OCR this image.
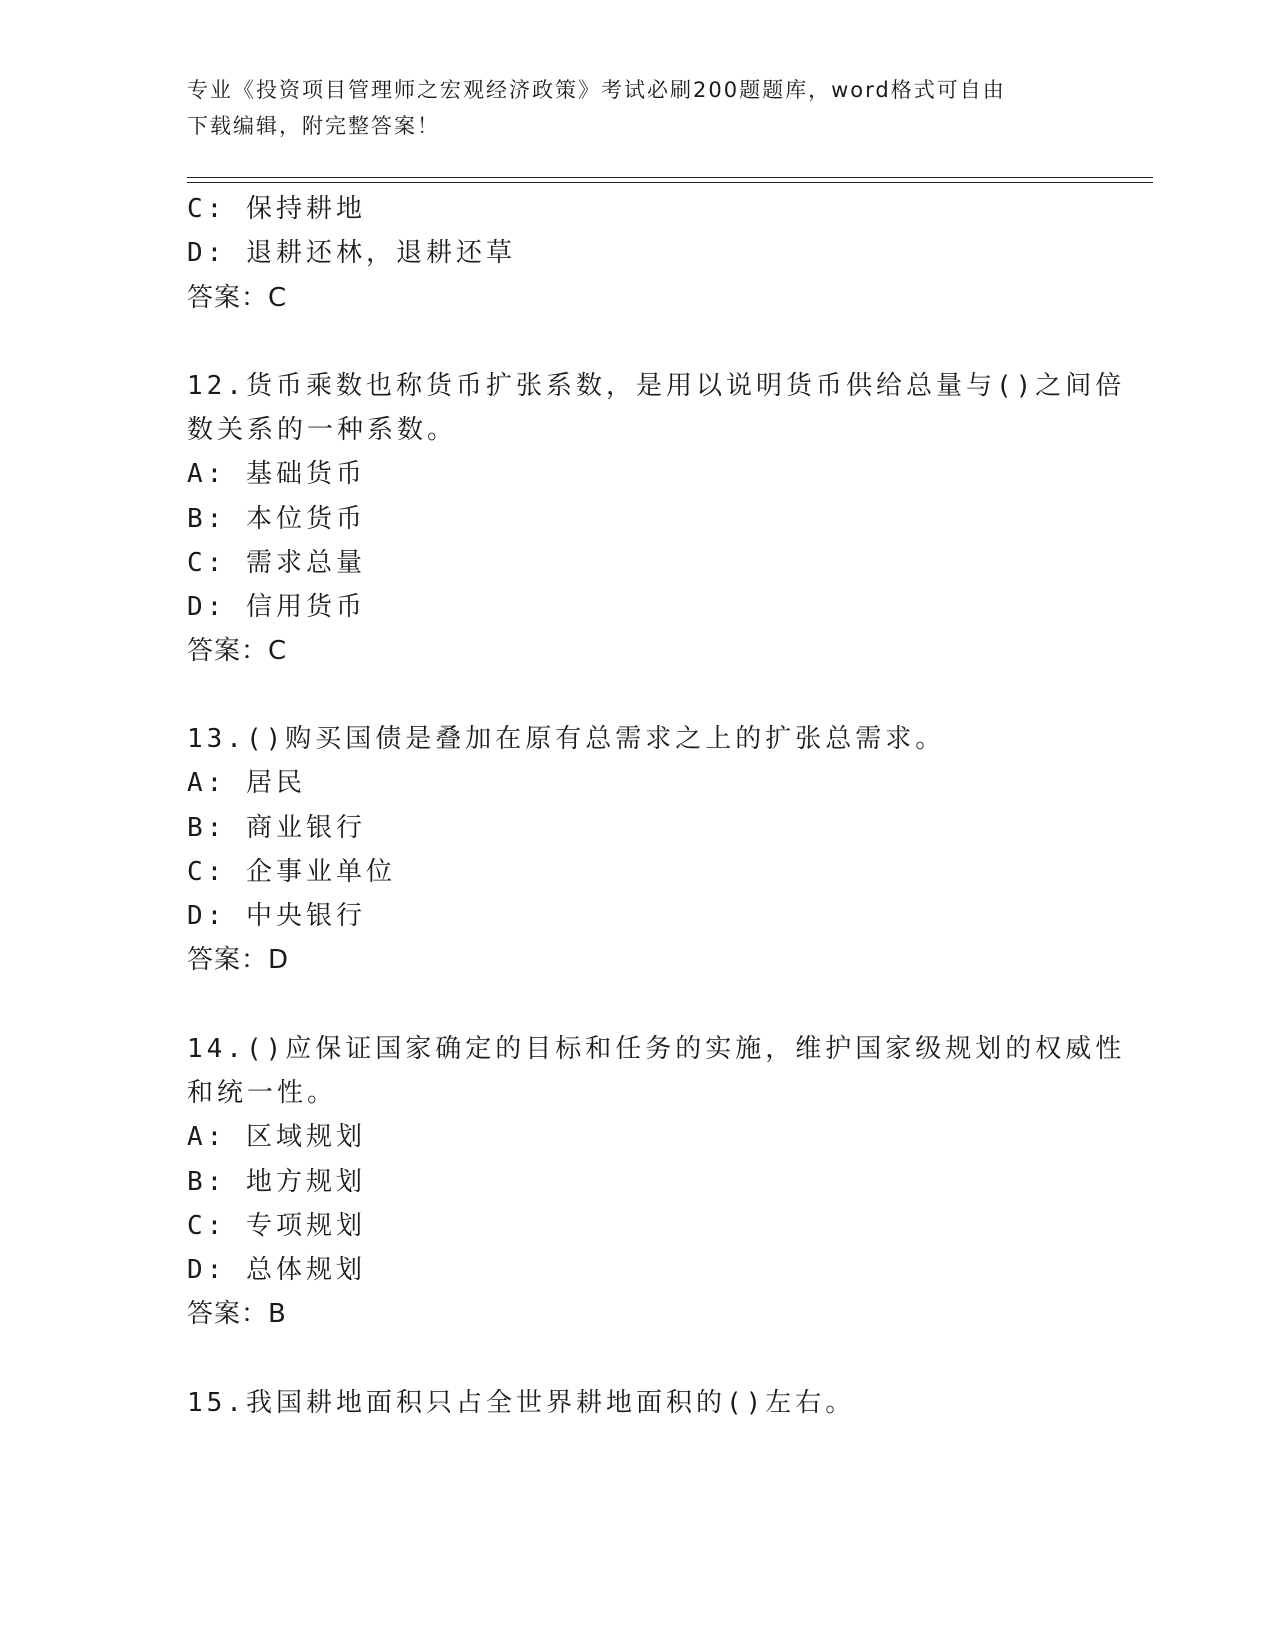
专业《投资项目管理师之宏观经济政策》考试必刷200题题库，word格式可自由
下载编辑，附完整答案！
C: 保持耕地
D: 退耕还林，退耕还草
答案：C
12.货币乘数也称货币扩张系数，是用以说明货币供给总量与()之间倍
数关系的一种系数。
A: 基础货币
B: 本位货币
C: 需求总量
D: 信用货币
答案：C
13.()购买国债是叠加在原有总需求之上的扩张总需求。
A: 居民
B: 商业银行
C: 企事业单位
D: 中央银行
答案：D
14.()应保证国家确定的目标和任务的实施，维护国家级规划的权威性
和统一性。
A: 区域规划
B: 地方规划
C: 专项规划
D: 总体规划
答案：B
15.我国耕地面积只占全世界耕地面积的()左右。
